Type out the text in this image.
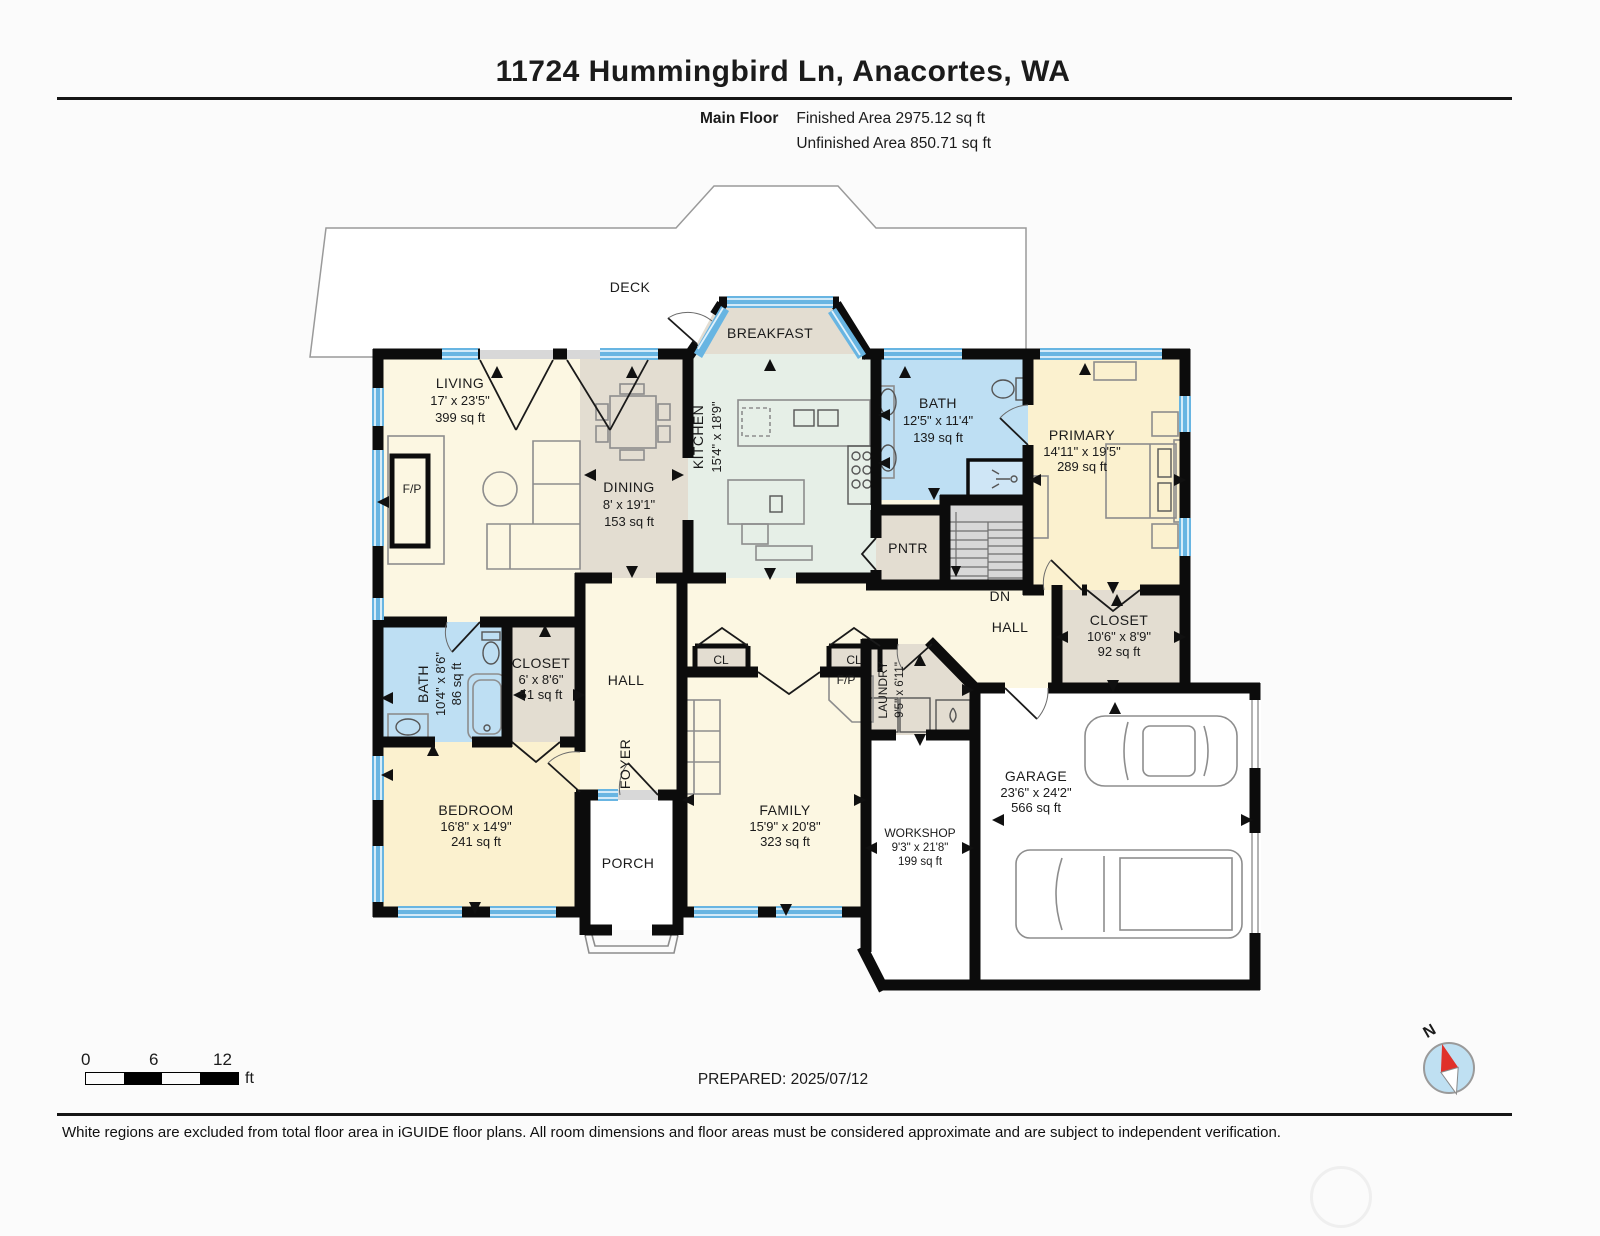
11724 Hummingbird Ln, Anacortes, WA
Main Floor Finished Area 2975.12 sq ft
Unfinished Area 850.71 sq ft
DECK
BREAKFAST
LIVING
17' x 23'5"
399 sq ft
DINING
8' x 19'1"
153 sq ft
KITCHEN 15'4" x 18'9"	BATH
12'5" x 11'4"
139 sq ft	PRIMARY
14'11" x 19'5"
289 sq ft
PNTR
DN
HALL	CLOSET
10'6" x 8'9"
92 sq ft
BATH 10'4" x 8'6" 86 sq ft	CLOSET
6' x 8'6"
51 sq ft
HALL
FOYER
F/P
F/P
CL	CL
LAUNDRY 9'5" x 6'11"
BEDROOM
16'8" x 14'9"
241 sq ft
PORCH
FAMILY
15'9" x 20'8"
323 sq ft
WORKSHOP
9'3" x 21'8"
199 sq ft
GARAGE
23'6" x 24'2"
566 sq ft
0	6	12
ft	PREPARED: 2025/07/12
N
White regions are excluded from total floor area in iGUIDE floor plans. All room dimensions and floor areas must be considered approximate and are subject to independent verification.
